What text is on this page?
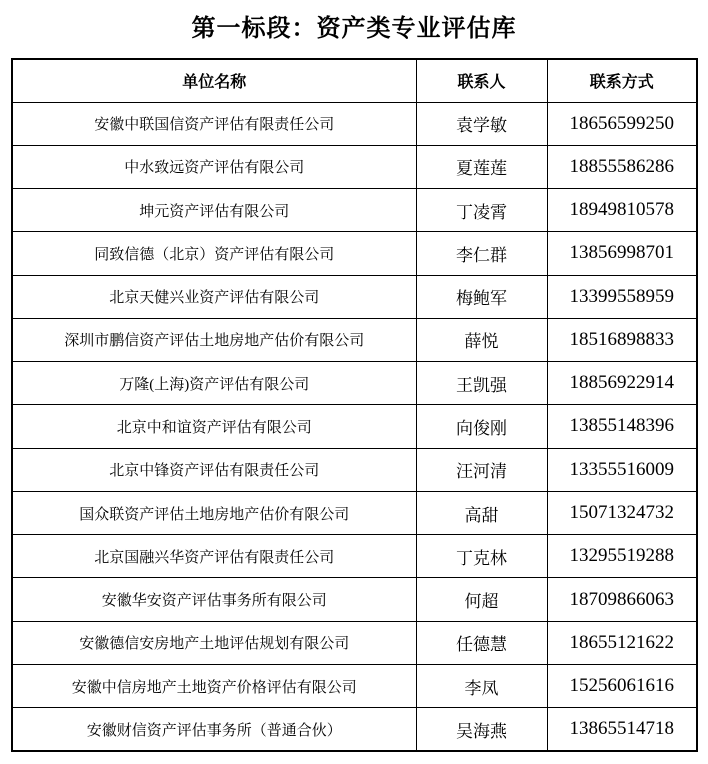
第一标段：资产类专业评估库
单位名称	联系人	联系方式
安徽中联国信资产评估有限责任公司	袁学敏	18656599250
中水致远资产评估有限公司	夏莲莲	18855586286
坤元资产评估有限公司	丁凌霄	18949810578
同致信德（北京）资产评估有限公司	李仁群	13856998701
北京天健兴业资产评估有限公司	梅鲍军	13399558959
深圳市鹏信资产评估土地房地产估价有限公司	薛悦	18516898833
万隆(上海)资产评估有限公司	王凯强	18856922914
北京中和谊资产评估有限公司	向俊刚	13855148396
北京中锋资产评估有限责任公司	汪河清	13355516009
国众联资产评估土地房地产估价有限公司	高甜	15071324732
北京国融兴华资产评估有限责任公司	丁克林	13295519288
安徽华安资产评估事务所有限公司	何超	18709866063
安徽德信安房地产土地评估规划有限公司	任德慧	18655121622
安徽中信房地产土地资产价格评估有限公司	李凤	15256061616
安徽财信资产评估事务所（普通合伙）	吴海燕	13865514718
